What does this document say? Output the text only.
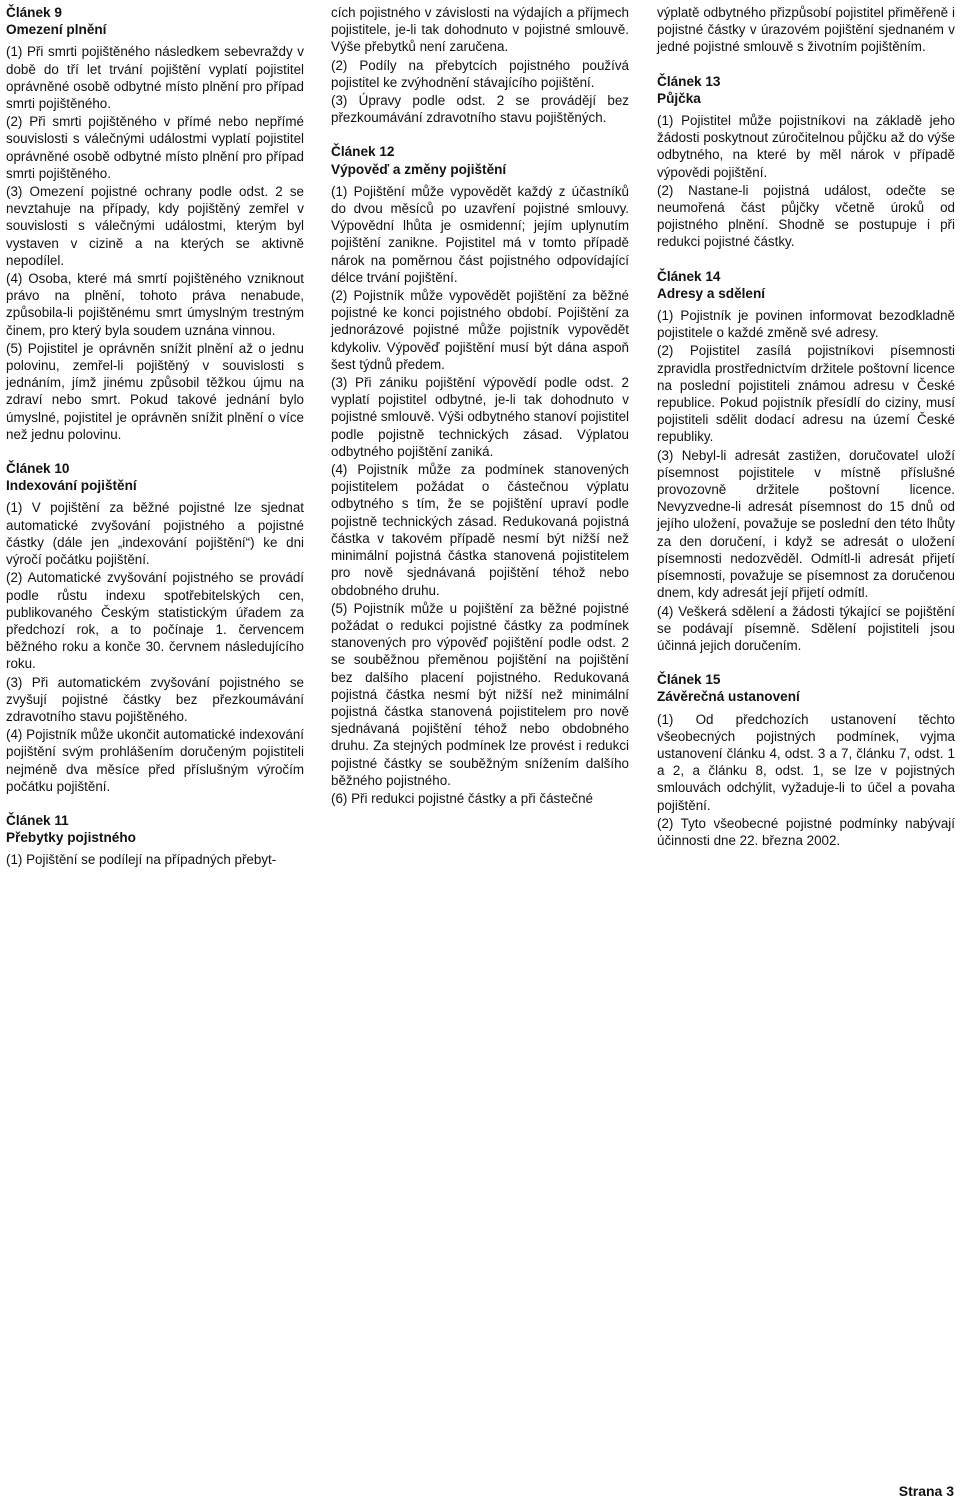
Článek 9

Omezení plnění

(1) Při smrti pojištěného následkem sebevraždy v době do tří let trvání pojištění vyplatí pojistitel oprávněné osobě odbytné místo plnění pro případ smrti pojištěného.

(2) Při smrti pojištěného v přímé nebo nepřímé souvislosti s válečnými událostmi vyplatí pojistitel oprávněné osobě odbytné místo plnění pro případ smrti pojištěného.

(3) Omezení pojistné ochrany podle odst. 2 se nevztahuje na případy, kdy pojištěný zemřel v souvislosti s válečnými událostmi, kterým byl vystaven v cizině a na kterých se aktivně nepodílel.

(4) Osoba, které má smrtí pojištěného vzniknout právo na plnění, tohoto práva nenabude, způsobila-li pojištěnému smrt úmyslným trestným činem, pro který byla soudem uznána vinnou.

(5) Pojistitel je oprávněn snížit plnění až o jednu polovinu, zemřel-li pojištěný v souvislosti s jednáním, jímž jinému způsobil těžkou újmu na zdraví nebo smrt. Pokud takové jednání bylo úmyslné, pojistitel je oprávněn snížit plnění o více než jednu polovinu.

Článek 10

Indexování pojištění

(1) V pojištění za běžné pojistné lze sjednat automatické zvyšování pojistného a pojistné částky (dále jen „indexování pojištění“) ke dni výročí počátku pojištění.

(2) Automatické zvyšování pojistného se provádí podle růstu indexu spotřebitelských cen, publikovaného Českým statistickým úřadem za předchozí rok, a to počínaje 1. červencem běžného roku a konče 30. červnem následujícího roku.

(3) Při automatickém zvyšování pojistného se zvyšují pojistné částky bez přezkoumávání zdravotního stavu pojištěného.

(4) Pojistník může ukončit automatické indexování pojištění svým prohlášením doručeným pojistiteli nejméně dva měsíce před příslušným výročím počátku pojištění.

Článek 11

Přebytky pojistného

(1) Pojištění se podílejí na případných přebyt-

cích pojistného v závislosti na výdajích a příjmech pojistitele, je-li tak dohodnuto v pojistné smlouvě. Výše přebytků není zaručena.

(2) Podíly na přebytcích pojistného používá pojistitel ke zvýhodnění stávajícího pojištění.

(3) Úpravy podle odst. 2 se provádějí bez přezkoumávání zdravotního stavu pojištěných.

Článek 12

Výpověď a změny pojištění

(1) Pojištění může vypovědět každý z účastníků do dvou měsíců po uzavření pojistné smlouvy. Výpovědní lhůta je osmidenní; jejím uplynutím pojištění zanikne. Pojistitel má v tomto případě nárok na poměrnou část pojistného odpovídající délce trvání pojištění.

(2) Pojistník může vypovědět pojištění za běžné pojistné ke konci pojistného období. Pojištění za jednorázové pojistné může pojistník vypovědět kdykoliv. Výpověď pojištění musí být dána aspoň šest týdnů předem.

(3) Při zániku pojištění výpovědí podle odst. 2 vyplatí pojistitel odbytné, je-li tak dohodnuto v pojistné smlouvě. Výši odbytného stanoví pojistitel podle pojistně technických zásad. Výplatou odbytného pojištění zaniká.

(4) Pojistník může za podmínek stanovených pojistitelem požádat o částečnou výplatu odbytného s tím, že se pojištění upraví podle pojistně technických zásad. Redukovaná pojistná částka v takovém případě nesmí být nižší než minimální pojistná částka stanovená pojistitelem pro nově sjednávaná pojištění téhož nebo obdobného druhu.

(5) Pojistník může u pojištění za běžné pojistné požádat o redukci pojistné částky za podmínek stanovených pro výpověď pojištění podle odst. 2 se souběžnou přeměnou pojištění na pojištění bez dalšího placení pojistného. Redukovaná pojistná částka nesmí být nižší než minimální pojistná částka stanovená pojistitelem pro nově sjednávaná pojištění téhož nebo obdobného druhu. Za stejných podmínek lze provést i redukci pojistné částky se souběžným snížením dalšího běžného pojistného.

(6) Při redukci pojistné částky a při částečné

výplatě odbytného přizpůsobí pojistitel přiměřeně i pojistné částky v úrazovém pojištění sjednaném v jedné pojistné smlouvě s životním pojištěním.

Článek 13

Půjčka

(1) Pojistitel může pojistníkovi na základě jeho žádosti poskytnout zúročitelnou půjčku až do výše odbytného, na které by měl nárok v případě výpovědi pojištění.

(2) Nastane-li pojistná událost, odečte se neumořená část půjčky včetně úroků od pojistného plnění. Shodně se postupuje i při redukci pojistné částky.

Článek 14

Adresy a sdělení

(1) Pojistník je povinen informovat bezodkladně pojistitele o každé změně své adresy.

(2) Pojistitel zasílá pojistníkovi písemnosti zpravidla prostřednictvím držitele poštovní licence na poslední pojistiteli známou adresu v České republice. Pokud pojistník přesídlí do ciziny, musí pojistiteli sdělit dodací adresu na území České republiky.

(3) Nebyl-li adresát zastižen, doručovatel uloží písemnost pojistitele v místně příslušné provozovně držitele poštovní licence. Nevyzvedne-li adresát písemnost do 15 dnů od jejího uložení, považuje se poslední den této lhůty za den doručení, i když se adresát o uložení písemnosti nedozvěděl. Odmítl-li adresát přijetí písemnosti, považuje se písemnost za doručenou dnem, kdy adresát její přijetí odmítl.

(4) Veškerá sdělení a žádosti týkající se pojištění se podávají písemně. Sdělení pojistiteli jsou účinná jejich doručením.

Článek 15

Závěrečná ustanovení

(1) Od předchozích ustanovení těchto všeobecných pojistných podmínek, vyjma ustanovení článku 4, odst. 3 a 7, článku 7, odst. 1 a 2, a článku 8, odst. 1, se lze v pojistných smlouvách odchýlit, vyžaduje-li to účel a povaha pojištění.

(2) Tyto všeobecné pojistné podmínky nabývají účinnosti dne 22. března 2002.

Strana 3
